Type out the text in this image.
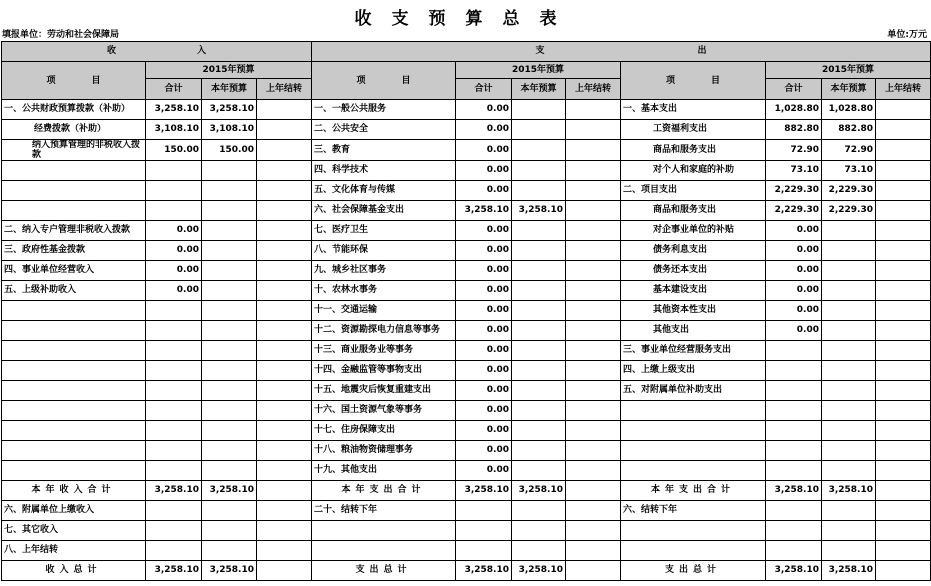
收支预算总表
填报单位：劳动和社会保障局	单位:万元
收　　　　　　　　　入				支　　　　　　　　　　　　　　　　　出							
项　　　　目	2015年预算			项　　　　目	2015年预算			项　　　　目	2015年预算		
	合计	本年预算	上年结转		合计	本年预算	上年结转		合计	本年预算	上年结转
一、公共财政预算拨款（补助）	3,258.10	3,258.10		一、一般公共服务	0.00			一、基本支出	1,028.80	1,028.80	
经费拨款（补助）	3,108.10	3,108.10		二、公共安全	0.00			工资福利支出	882.80	882.80	
纳入预算管理的非税收入拨款	150.00	150.00		三、教育	0.00			商品和服务支出	72.90	72.90	
				四、科学技术	0.00			对个人和家庭的补助	73.10	73.10	
				五、文化体育与传媒	0.00			二、项目支出	2,229.30	2,229.30	
				六、社会保障基金支出	3,258.10	3,258.10		商品和服务支出	2,229.30	2,229.30	
二、纳入专户管理非税收入拨款	0.00			七、医疗卫生	0.00			对企事业单位的补贴	0.00		
三、政府性基金拨款	0.00			八、节能环保	0.00			债务利息支出	0.00		
四、事业单位经营收入	0.00			九、城乡社区事务	0.00			债务还本支出	0.00		
五、上级补助收入	0.00			十、农林水事务	0.00			基本建设支出	0.00		
				十一、交通运输	0.00			其他资本性支出	0.00		
				十二、资源勘探电力信息等事务	0.00			其他支出	0.00		
				十三、商业服务业等事务	0.00			三、事业单位经营服务支出			
				十四、金融监管等事物支出	0.00			四、上缴上级支出			
				十五、地震灾后恢复重建支出	0.00			五、对附属单位补助支出			
				十六、国土资源气象等事务	0.00						
				十七、住房保障支出	0.00						
				十八、粮油物资储理事务	0.00						
				十九、其他支出	0.00						
本年收入合计	3,258.10	3,258.10		本年支出合计	3,258.10	3,258.10		本年支出合计	3,258.10	3,258.10	
六、附属单位上缴收入				二十、结转下年				六、结转下年			
七、其它收入											
八、上年结转											
收入总计	3,258.10	3,258.10		支出总计	3,258.10	3,258.10		支出总计	3,258.10	3,258.10	
